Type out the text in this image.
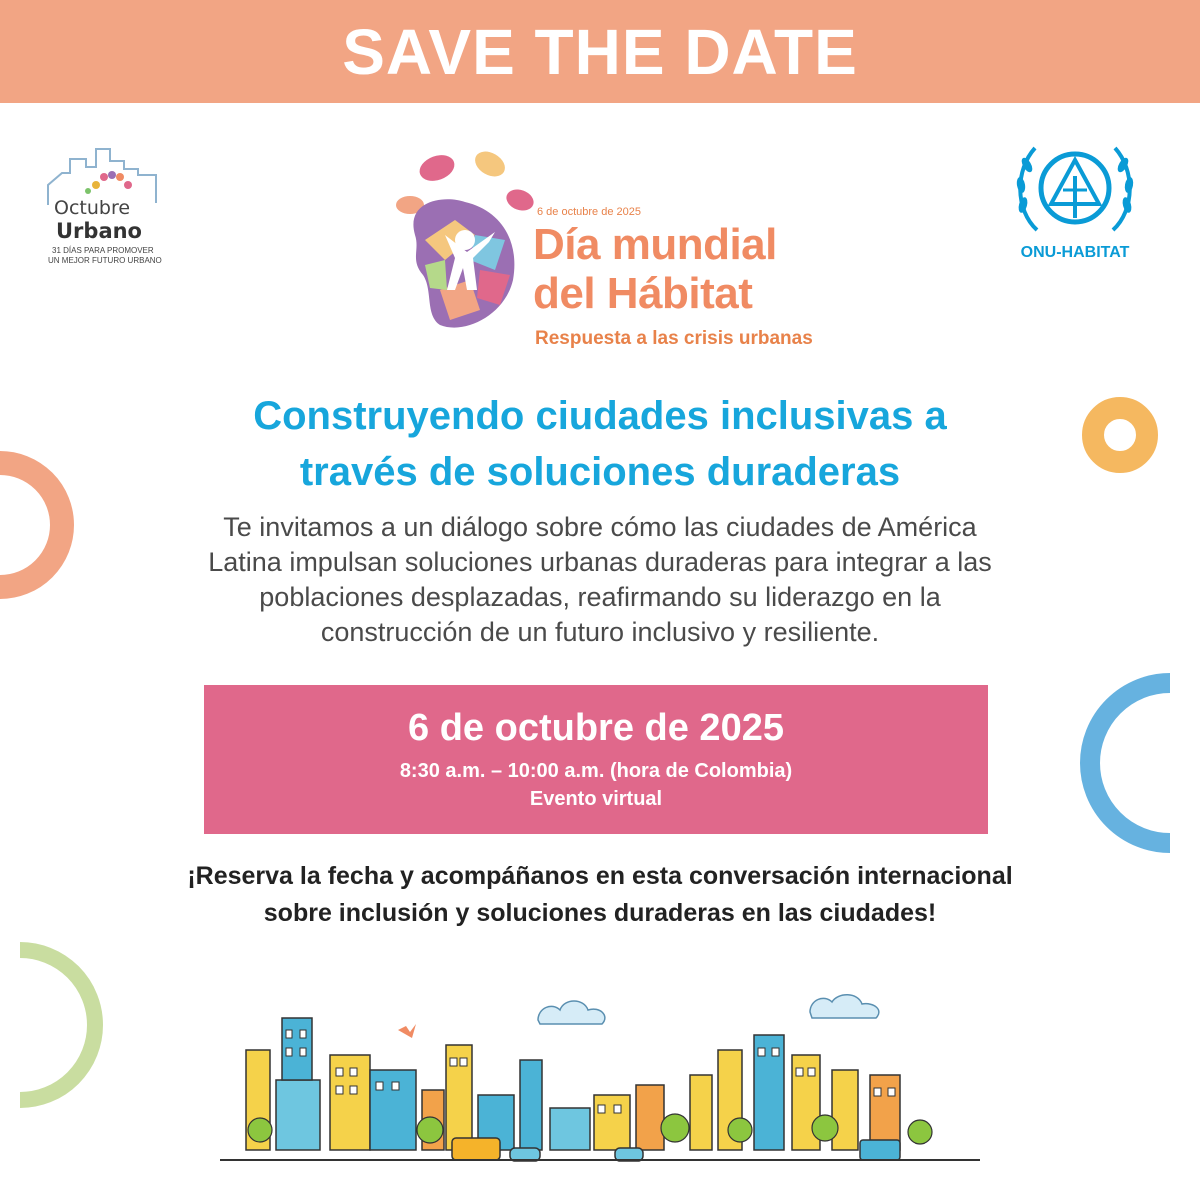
SAVE THE DATE
Octubre
Urbano
31 DÍAS PARA PROMOVER
UN MEJOR FUTURO URBANO
6 de octubre de 2025
Día mundial
del Hábitat
Respuesta a las crisis urbanas
ONU-HABITAT
Construyendo ciudades inclusivas a
través de soluciones duraderas
Te invitamos a un diálogo sobre cómo las ciudades de América
Latina impulsan soluciones urbanas duraderas para integrar a las
poblaciones desplazadas, reafirmando su liderazgo en la
construcción de un futuro inclusivo y resiliente.
6 de octubre de 2025
8:30 a.m. – 10:00 a.m. (hora de Colombia)
Evento virtual
¡Reserva la fecha y acompáñanos en esta conversación internacional
sobre inclusión y soluciones duraderas en las ciudades!
